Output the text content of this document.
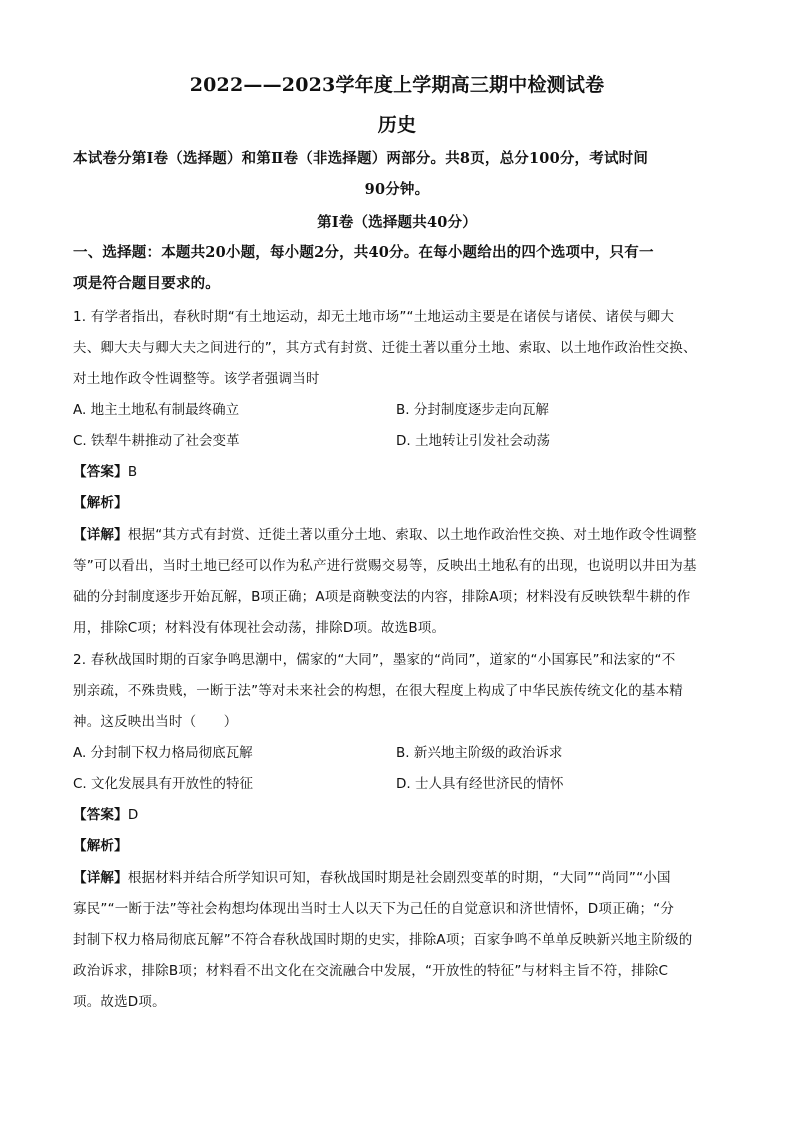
2022——2023学年度上学期高三期中检测试卷
历史
本试卷分第Ⅰ卷（选择题）和第Ⅱ卷（非选择题）两部分。共8页，总分100分，考试时间
90分钟。
第Ⅰ卷（选择题共40分）
一、选择题：本题共20小题，每小题2分，共40分。在每小题给出的四个选项中，只有一
项是符合题目要求的。
1. 有学者指出，春秋时期“有土地运动，却无土地市场”“土地运动主要是在诸侯与诸侯、诸侯与卿大
夫、卿大夫与卿大夫之间进行的”，其方式有封赏、迁徙土著以重分土地、索取、以土地作政治性交换、
对土地作政令性调整等。该学者强调当时
A. 地主土地私有制最终确立	B. 分封制度逐步走向瓦解
C. 铁犁牛耕推动了社会变革	D. 土地转让引发社会动荡
【答案】B
【解析】
【详解】根据“其方式有封赏、迁徙土著以重分土地、索取、以土地作政治性交换、对土地作政令性调整
等”可以看出，当时土地已经可以作为私产进行赏赐交易等，反映出土地私有的出现，也说明以井田为基
础的分封制度逐步开始瓦解，B项正确；A项是商鞅变法的内容，排除A项；材料没有反映铁犁牛耕的作
用，排除C项；材料没有体现社会动荡，排除D项。故选B项。
2. 春秋战国时期的百家争鸣思潮中，儒家的“大同”，墨家的“尚同”，道家的“小国寡民”和法家的“不
别亲疏，不殊贵贱，一断于法”等对未来社会的构想，在很大程度上构成了中华民族传统文化的基本精
神。这反映出当时（　　）
A. 分封制下权力格局彻底瓦解	B. 新兴地主阶级的政治诉求
C. 文化发展具有开放性的特征	D. 士人具有经世济民的情怀
【答案】D
【解析】
【详解】根据材料并结合所学知识可知，春秋战国时期是社会剧烈变革的时期，“大同”“尚同”“小国
寡民”“一断于法”等社会构想均体现出当时士人以天下为己任的自觉意识和济世情怀，D项正确；“分
封制下权力格局彻底瓦解”不符合春秋战国时期的史实，排除A项；百家争鸣不单单反映新兴地主阶级的
政治诉求，排除B项；材料看不出文化在交流融合中发展，“开放性的特征”与材料主旨不符，排除C
项。故选D项。
